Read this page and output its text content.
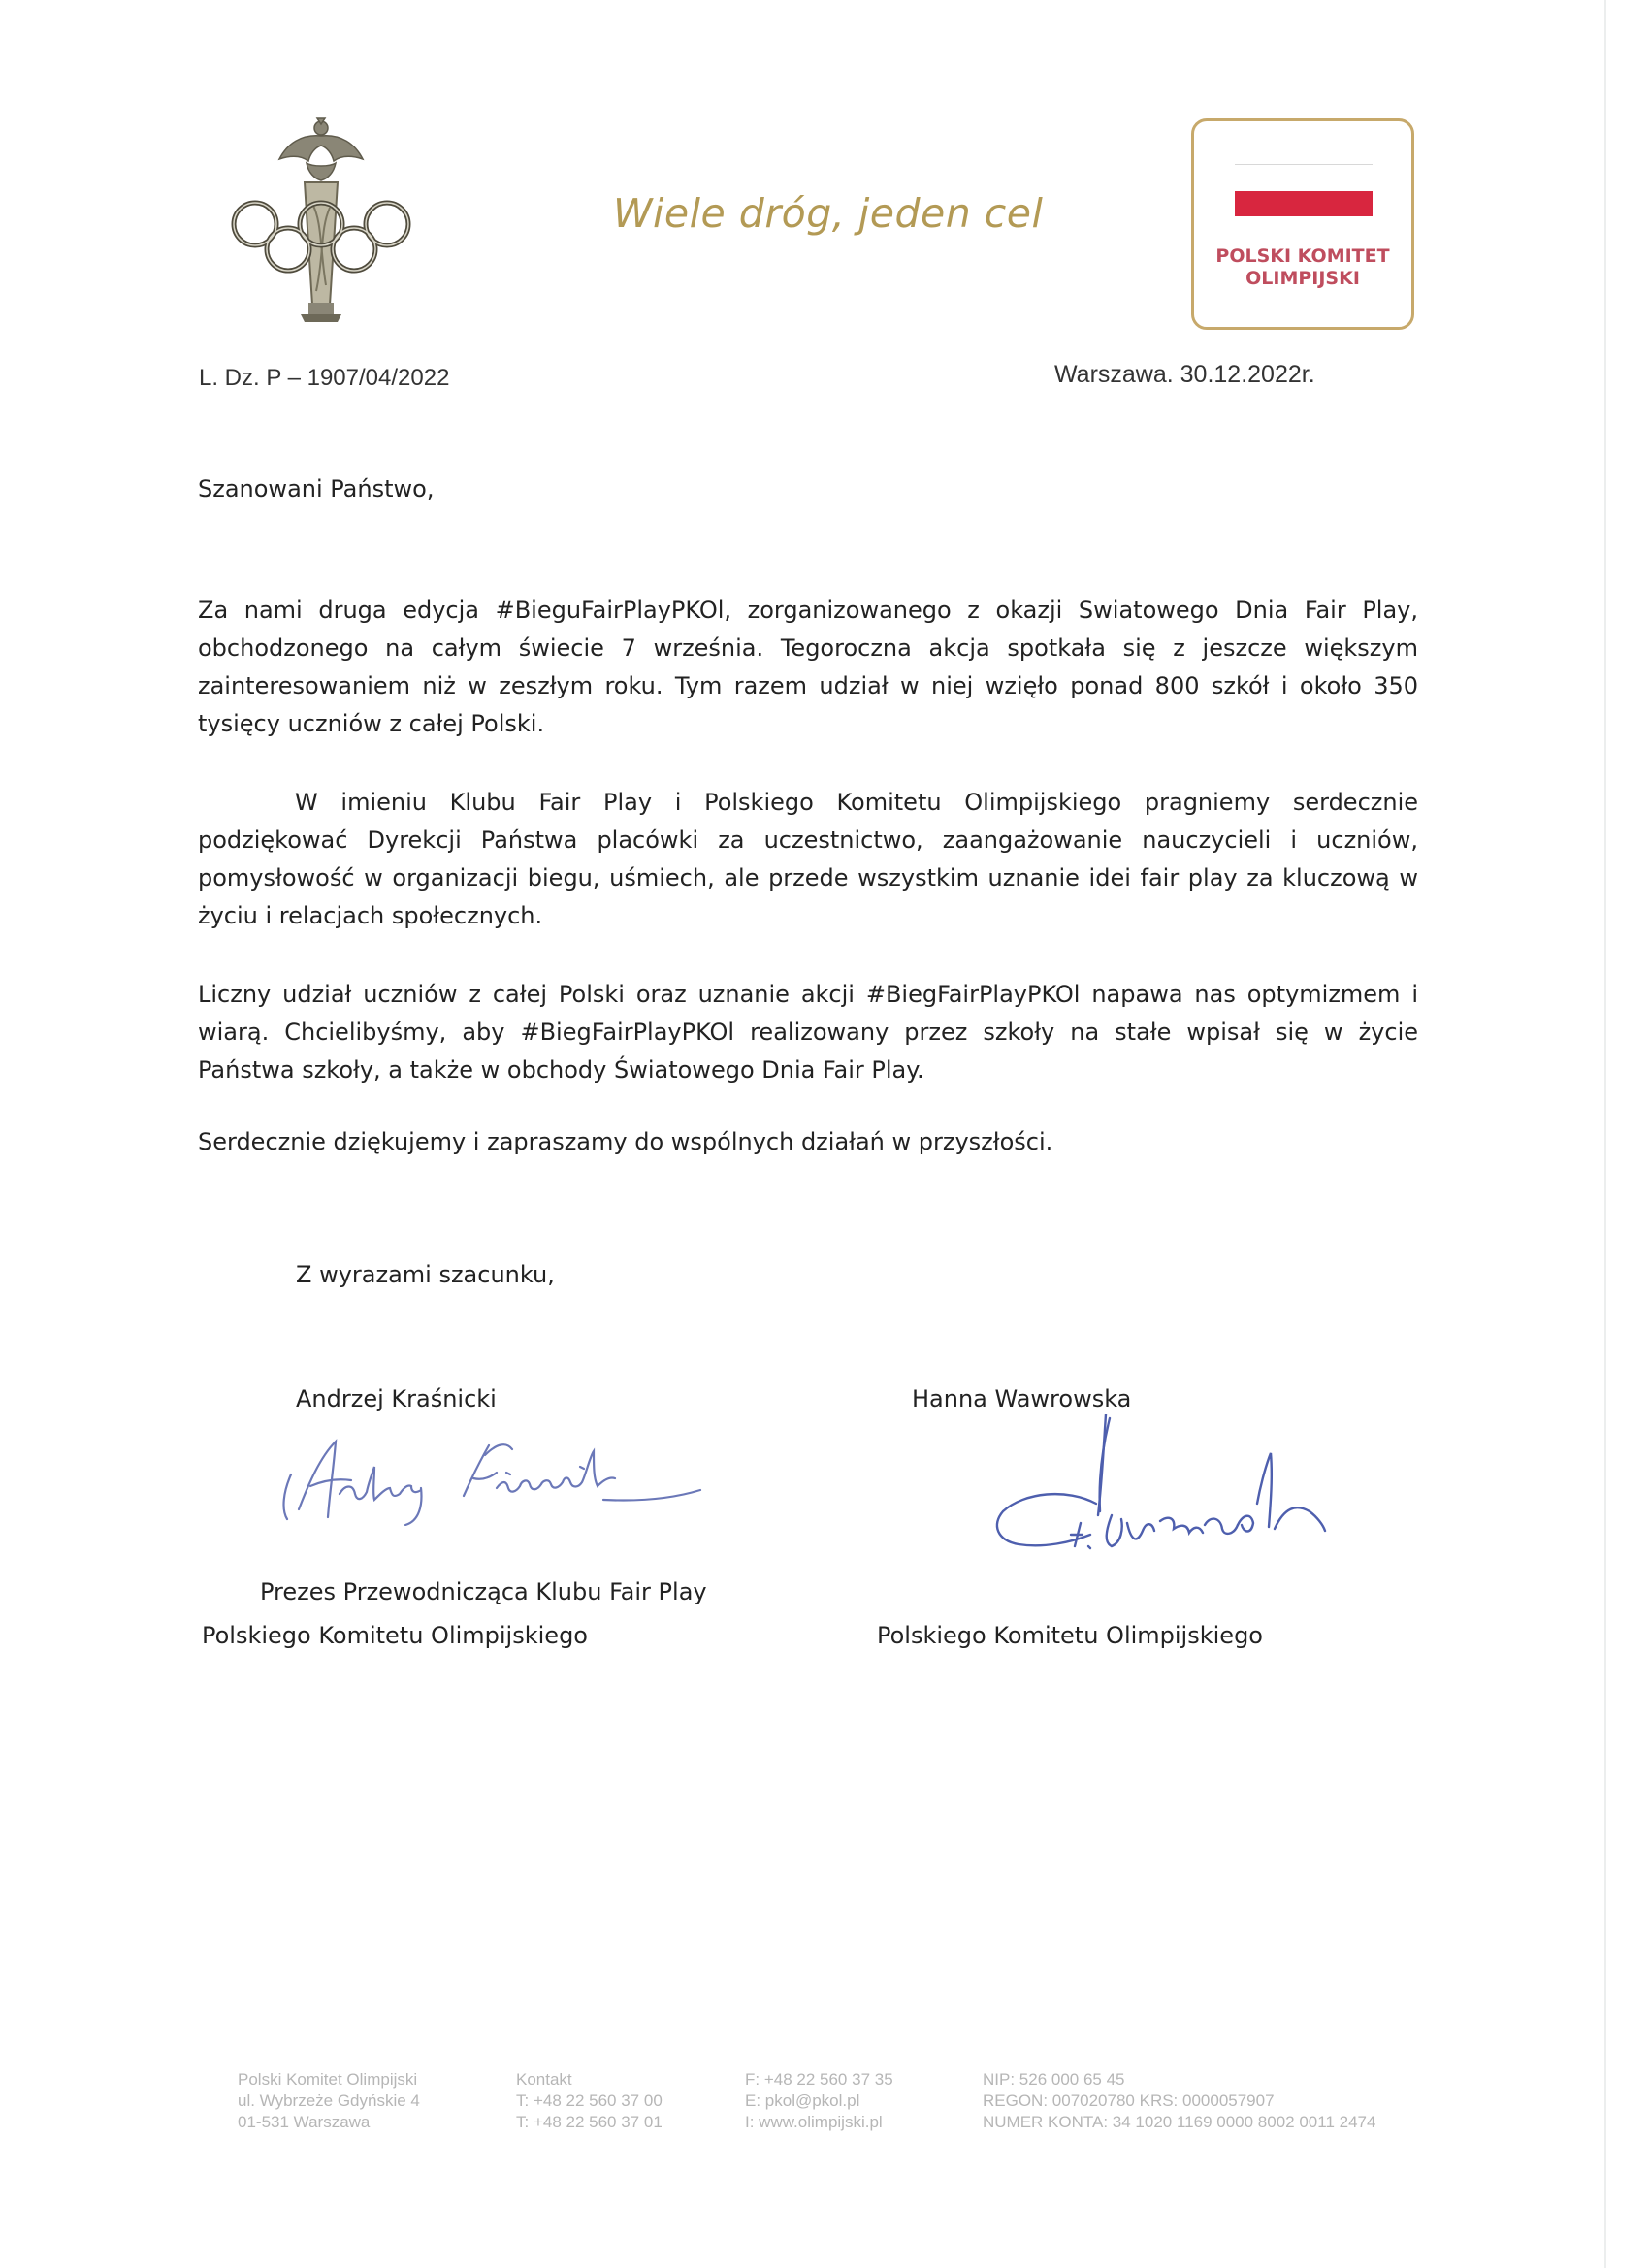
Wiele dróg, jeden cel
POLSKI KOMITET
OLIMPIJSKI
L. Dz. P – 1907/04/2022	Warszawa. 30.12.2022r.
Szanowani Państwo,
Za nami druga edycja #BieguFairPlayPKOl, zorganizowanego z okazji Swiatowego Dnia Fair Play, obchodzonego na całym świecie 7 września. Tegoroczna akcja spotkała się z jeszcze większym zainteresowaniem niż w zeszłym roku. Tym razem udział w niej wzięło ponad 800 szkół i około 350 tysięcy uczniów z całej Polski.
W imieniu Klubu Fair Play i Polskiego Komitetu Olimpijskiego pragniemy serdecznie podziękować Dyrekcji Państwa placówki za uczestnictwo, zaangażowanie nauczycieli i uczniów, pomysłowość w organizacji biegu, uśmiech, ale przede wszystkim uznanie idei fair play za kluczową w życiu i relacjach społecznych.
Liczny udział uczniów z całej Polski oraz uznanie akcji #BiegFairPlayPKOl napawa nas optymizmem i wiarą. Chcielibyśmy, aby #BiegFairPlayPKOl realizowany przez szkoły na stałe wpisał się w życie Państwa szkoły, a także w obchody Światowego Dnia Fair Play.
Serdecznie dziękujemy i zapraszamy do wspólnych działań w przyszłości.
Z wyrazami szacunku,
Andrzej Kraśnicki	Hanna Wawrowska
Prezes Przewodnicząca Klubu Fair Play
Polskiego Komitetu Olimpijskiego	Polskiego Komitetu Olimpijskiego
Polski Komitet Olimpijski
ul. Wybrzeże Gdyńskie 4
01-531 Warszawa
Kontakt
T: +48 22 560 37 00
T: +48 22 560 37 01
F: +48 22 560 37 35
E: pkol@pkol.pl
I: www.olimpijski.pl
NIP: 526 000 65 45
REGON: 007020780 KRS: 0000057907
NUMER KONTA: 34 1020 1169 0000 8002 0011 2474
